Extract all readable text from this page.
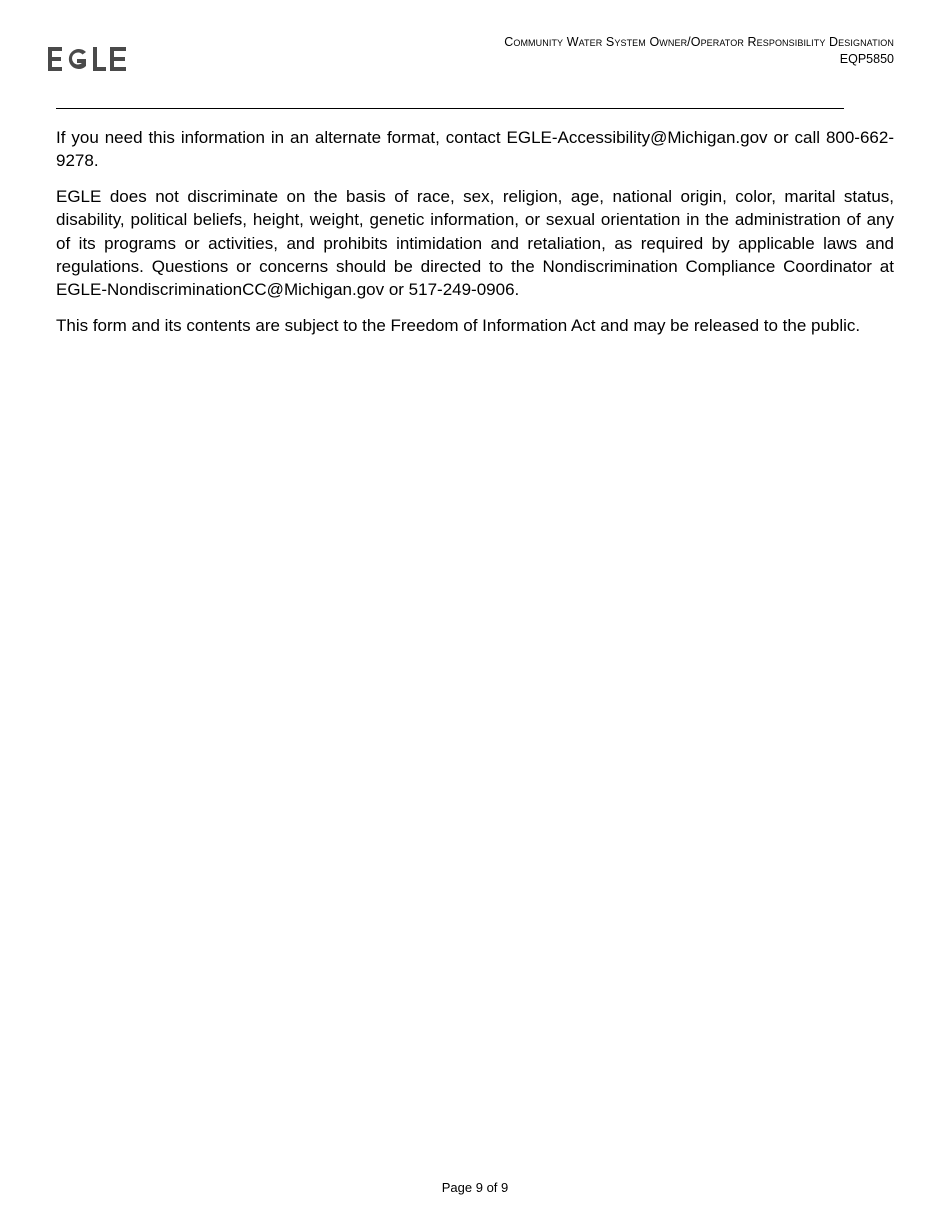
EGLE	Community Water System Owner/Operator Responsibility Designation
EQP5850

If you need this information in an alternate format, contact EGLE-Accessibility@Michigan.gov or call 800-662-9278.

EGLE does not discriminate on the basis of race, sex, religion, age, national origin, color, marital status, disability, political beliefs, height, weight, genetic information, or sexual orientation in the administration of any of its programs or activities, and prohibits intimidation and retaliation, as required by applicable laws and regulations. Questions or concerns should be directed to the Nondiscrimination Compliance Coordinator at EGLE-NondiscriminationCC@Michigan.gov or 517-249-0906.

This form and its contents are subject to the Freedom of Information Act and may be released to the public.

Page 9 of 9
